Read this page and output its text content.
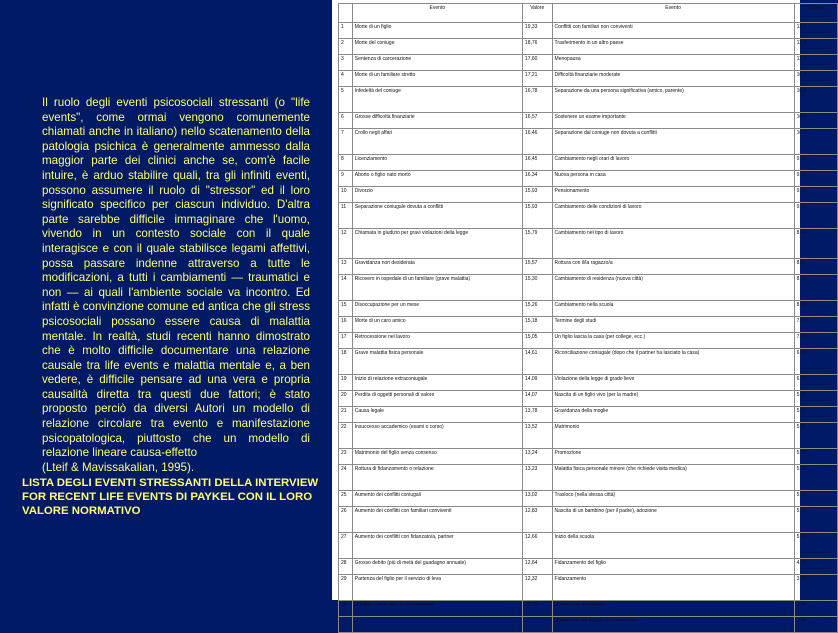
Il ruolo degli eventi psicosociali stressanti (o "life events", come ormai vengono comunemente chiamati anche in italiano) nello scatenamento della patologia psichica è generalmente ammesso dalla maggior parte dei clinici anche se, com'è facile intuire, è arduo stabilire quali, tra gli infiniti eventi, possono assumere il ruolo di "stressor" ed il loro significato specifico per ciascun individuo. D'altra parte sarebbe difficile immaginare che l'uomo, vivendo in un contesto sociale con il quale interagisce e con il quale stabilisce legami affettivi, possa passare indenne attraverso a tutte le modificazioni, a tutti i cambiamenti — traumatici e non — ai quali l'ambiente sociale va incontro. Ed infatti è convinzione comune ed antica che gli stress psicosociali possano essere causa di malattia mentale. In realtà, studi recenti hanno dimostrato che è molto difficile documentare una relazione causale tra life events e malattia mentale e, a ben vedere, è difficile pensare ad una vera e propria causalità diretta tra questi due fattori; è stato proposto perciò da diversi Autori un modello di relazione circolare tra evento e manifestazione psicopatologica, piuttosto che un modello di relazione lineare causa-effetto

(Lteif & Mavissakalian, 1995).

LISTA DEGLI EVENTI STRESSANTI DELLA INTERVIEW FOR RECENT LIFE EVENTS DI PAYKEL CON IL LORO VALORE NORMATIVO
	Evento	Valore	Evento	Valore
1	Morte di un figlio	19,33	Conflitti con familiari non conviventi	12,1
2	Morte del coniuge	18,76	Trasferimento in un altro paese	11,3
3	Sentenza di carcerazione	17,60	Menopausa	11,0
4	Morte di un familiare stretto	17,21	Difficoltà finanziarie moderate	10,9
5	Infedeltà del coniuge	16,78	Separazione da una persona significativa (amico, parente)	10,6
6	Grosse difficoltà finanziarie	16,57	Sostenere un esame importante	10,4
7	Crollo negli affari	16,46	Separazione dal coniuge non dovuta a conflitti	10,3
8	Licenziamento	16,45	Cambiamento negli orari di lavoro	9,96
9	Aborto o figlio nato morto	16,34	Nuova persona in casa	9,71
10	Divorzio	15,93	Pensionamento	9,33
11	Separazione coniugale dovuta a conflitti	15,93	Cambiamento delle condizioni di lavoro	9,23
12	Chiamata in giudizio per gravi violazioni della legge	15,79	Cambiamento nel tipo di lavoro	8,84
13	Gravidanza non desiderata	15,57	Rottura con il/la ragazzo/a	8,80
14	Ricovero in ospedale di un familiare (grave malattia)	15,30	Cambiamento di residenza (nuova città)	8,53
15	Disoccupazione per un mese	15,26	Cambiamento nella scuola	8,15
16	Morte di un caro amico	15,18	Termine degli studi	7,61
17	Retrocessione nel lavoro	15,05	Un figlio lascia la casa (per college, ecc.)	7,20
18	Grave malattia fisica personale	14,61	Riconciliazione coniugale (dopo che il partner ha lasciato la casa)	6,95
19	Inizio di relazione extraconiugale	14,09	Violazione della legge di grado lieve	6,05
20	Perdita di oggetti personali di valore	14,07	Nascita di un figlio vivo (per la madre)	5,91
21	Causa legale	13,78	Gravidanza della moglie	5,67
22	Insuccesso accademico (esami o corso)	13,52	Matrimonio	5,61
23	Matrimonio del figlio senza consenso	13,24	Promozione	5,39
24	Rottura di fidanzamento o relazione	13,23	Malattia fisica personale minore (che richiede visita medica)	5,20
25	Aumento dei conflitti coniugali	13,02	Trasloco (nella stessa città)	5,14
26	Aumento dei conflitti con familiari conviventi	12,83	Nascita di un bambino (per il padre), adozione	5,13
27	Aumento dei conflitti con fidanzato/a, partner	12,66	Inizio della scuola	5,09
28	Grosso debito (più di metà del guadagno annuale)	12,64	Fidanzamento del figlio	4,53
29	Partenza del figlio per il servizio di leva	12,32	Fidanzamento	3,79
30	Conflitto con il capo o i collaboratori	12,21	Gravidanza desiderata	3,56
			Matrimonio del figlio/a con consenso	2,94
